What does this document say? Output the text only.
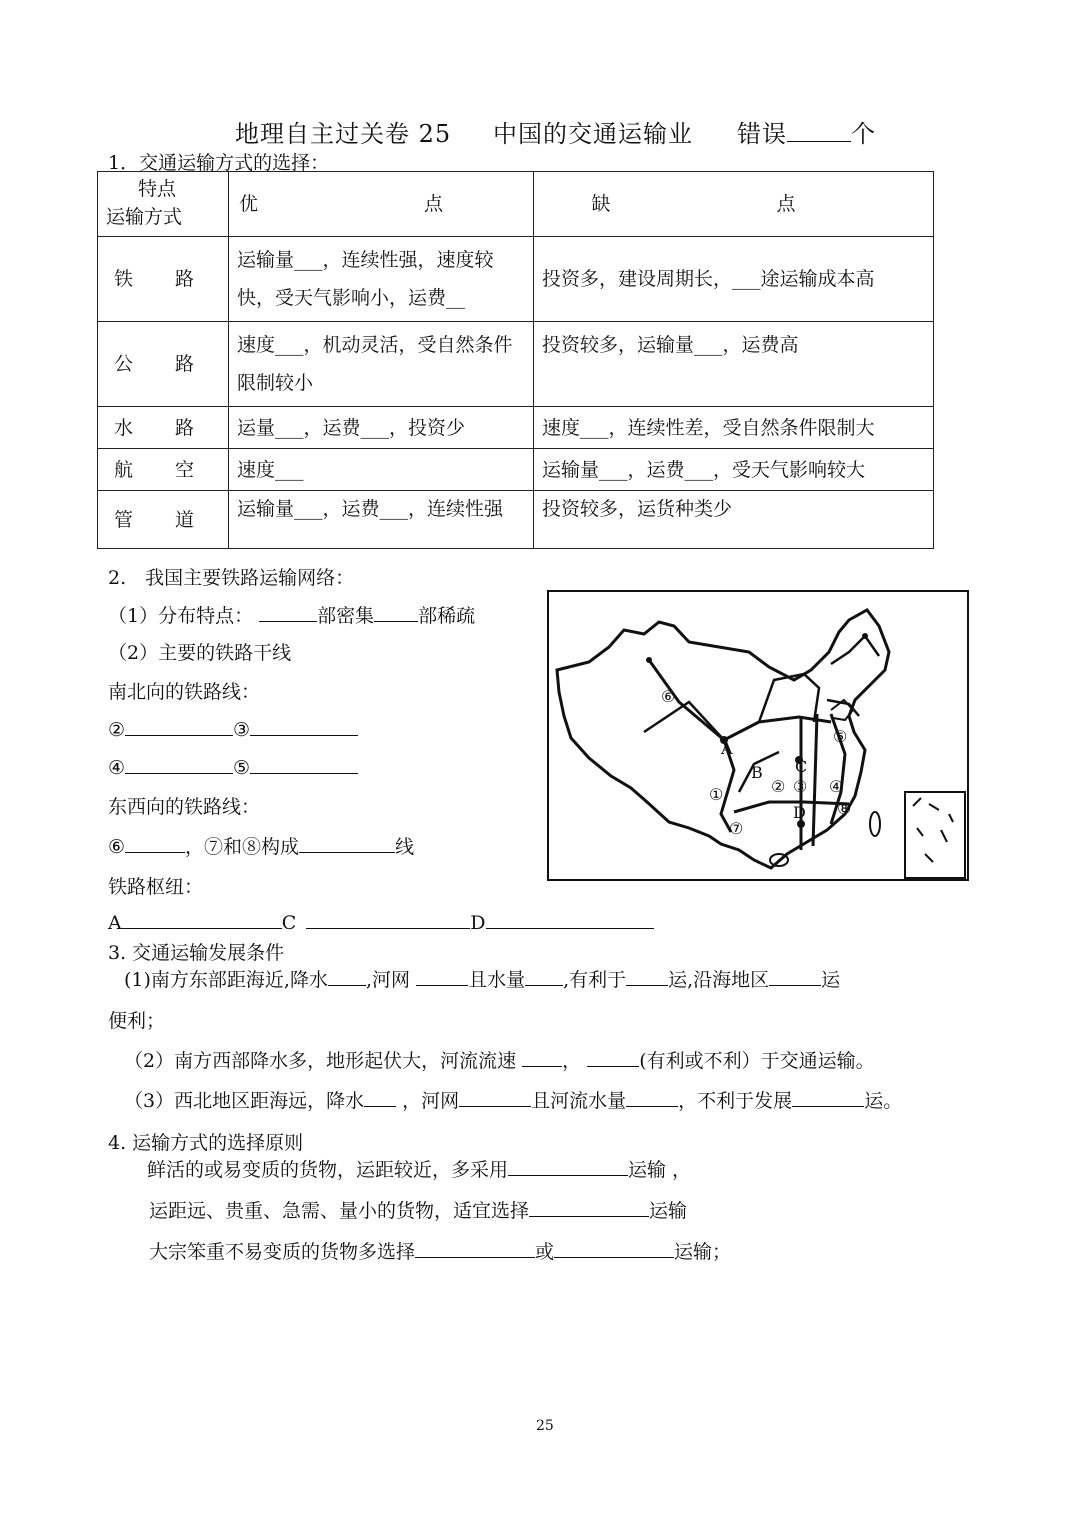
地理自主过关卷 25 中国的交通运输业 错误	个
1．交通运输方式的选择：
特点
运输方式	优 点	缺 点
铁 路	运输量___，连续性强，速度较快，受天气影响小，运费__	投资多，建设周期长，___途运输成本高
公 路	速度___，机动灵活，受自然条件限制较小	投资较多，运输量___，运费高
水 路	运量___，运费___，投资少	速度___，连续性差，受自然条件限制大
航 空	速度___	运输量___，运费___，受天气影响较大
管 道	运输量___，运费___，连续性强	投资较多，运货种类少
2.　我国主要铁路运输网络：
（1）分布特点：	部密集 部稀疏
（2）主要的铁路干线
南北向的铁路线：
②	③
④	⑤
东西向的铁路线：
⑥	，⑦和⑧构成	线
铁路枢纽：
A	C	D
⑥
A
B C
D
①	② ③ ④
⑤
⑦
⑧
3. 交通运输发展条件
(1)南方东部距海近,降水 ,河网	且水量 ,有利于 运,沿海地区	运
便利；
（2）南方西部降水多，地形起伏大，河流流速 ，	(有利或不利）于交通运输。
（3）西北地区距海远，降水 ，河网	且河流水量	，不利于发展	运。
4. 运输方式的选择原则
鲜活的或易变质的货物，运距较近，多采用	运输 ，
运距远、贵重、急需、量小的货物，适宜选择	运输
大宗笨重不易变质的货物多选择	或	运输；
25
